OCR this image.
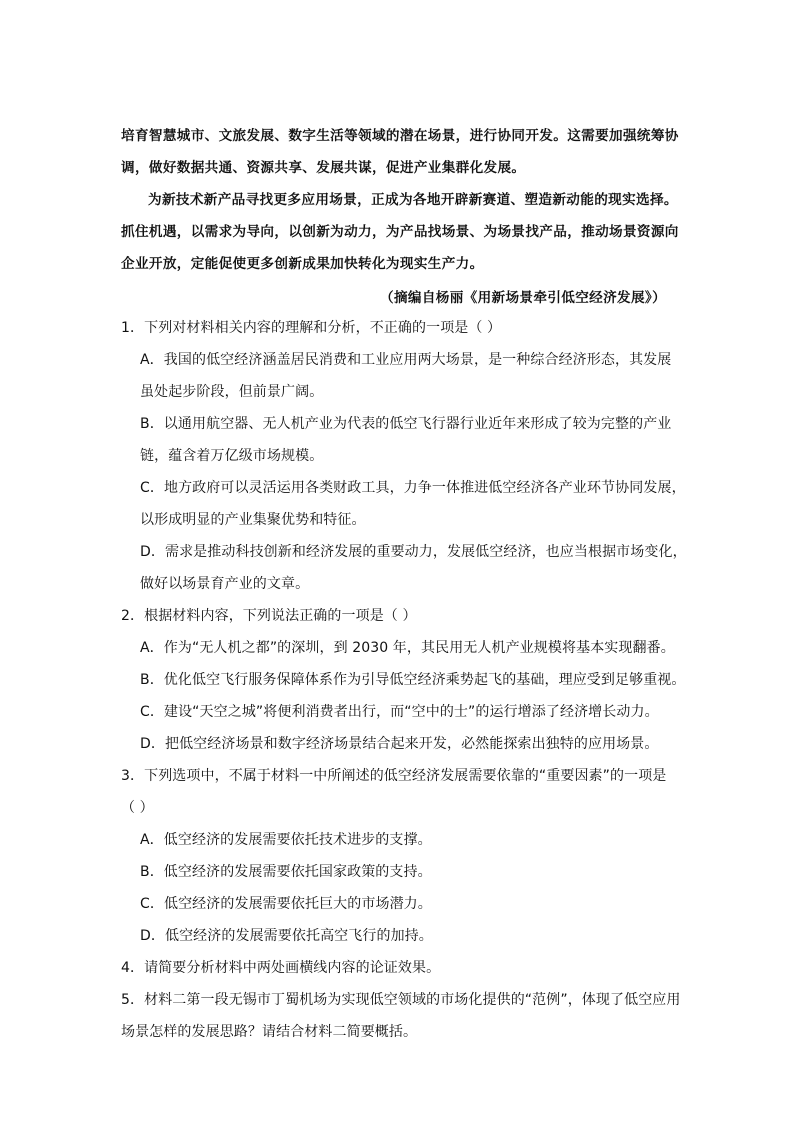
培育智慧城市、文旅发展、数字生活等领域的潜在场景，进行协同开发。这需要加强统筹协
调，做好数据共通、资源共享、发展共谋，促进产业集群化发展。
为新技术新产品寻找更多应用场景，正成为各地开辟新赛道、塑造新动能的现实选择。
抓住机遇，以需求为导向，以创新为动力，为产品找场景、为场景找产品，推动场景资源向
企业开放，定能促使更多创新成果加快转化为现实生产力。
（摘编自杨丽《用新场景牵引低空经济发展》）
1．下列对材料相关内容的理解和分析，不正确的一项是（ ）
A．我国的低空经济涵盖居民消费和工业应用两大场景，是一种综合经济形态，其发展
虽处起步阶段，但前景广阔。
B．以通用航空器、无人机产业为代表的低空飞行器行业近年来形成了较为完整的产业
链，蕴含着万亿级市场规模。
C．地方政府可以灵活运用各类财政工具，力争一体推进低空经济各产业环节协同发展，
以形成明显的产业集聚优势和特征。
D．需求是推动科技创新和经济发展的重要动力，发展低空经济，也应当根据市场变化，
做好以场景育产业的文章。
2．根据材料内容，下列说法正确的一项是（ ）
A．作为“无人机之都”的深圳，到 2030 年，其民用无人机产业规模将基本实现翻番。
B．优化低空飞行服务保障体系作为引导低空经济乘势起飞的基础，理应受到足够重视。
C．建设“天空之城”将便利消费者出行，而“空中的士”的运行增添了经济增长动力。
D．把低空经济场景和数字经济场景结合起来开发，必然能探索出独特的应用场景。
3．下列选项中，不属于材料一中所阐述的低空经济发展需要依靠的“重要因素”的一项是
（ ）
A．低空经济的发展需要依托技术进步的支撑。
B．低空经济的发展需要依托国家政策的支持。
C．低空经济的发展需要依托巨大的市场潜力。
D．低空经济的发展需要依托高空飞行的加持。
4．请简要分析材料中两处画横线内容的论证效果。
5．材料二第一段无锡市丁蜀机场为实现低空领域的市场化提供的“范例”，体现了低空应用
场景怎样的发展思路？请结合材料二简要概括。
